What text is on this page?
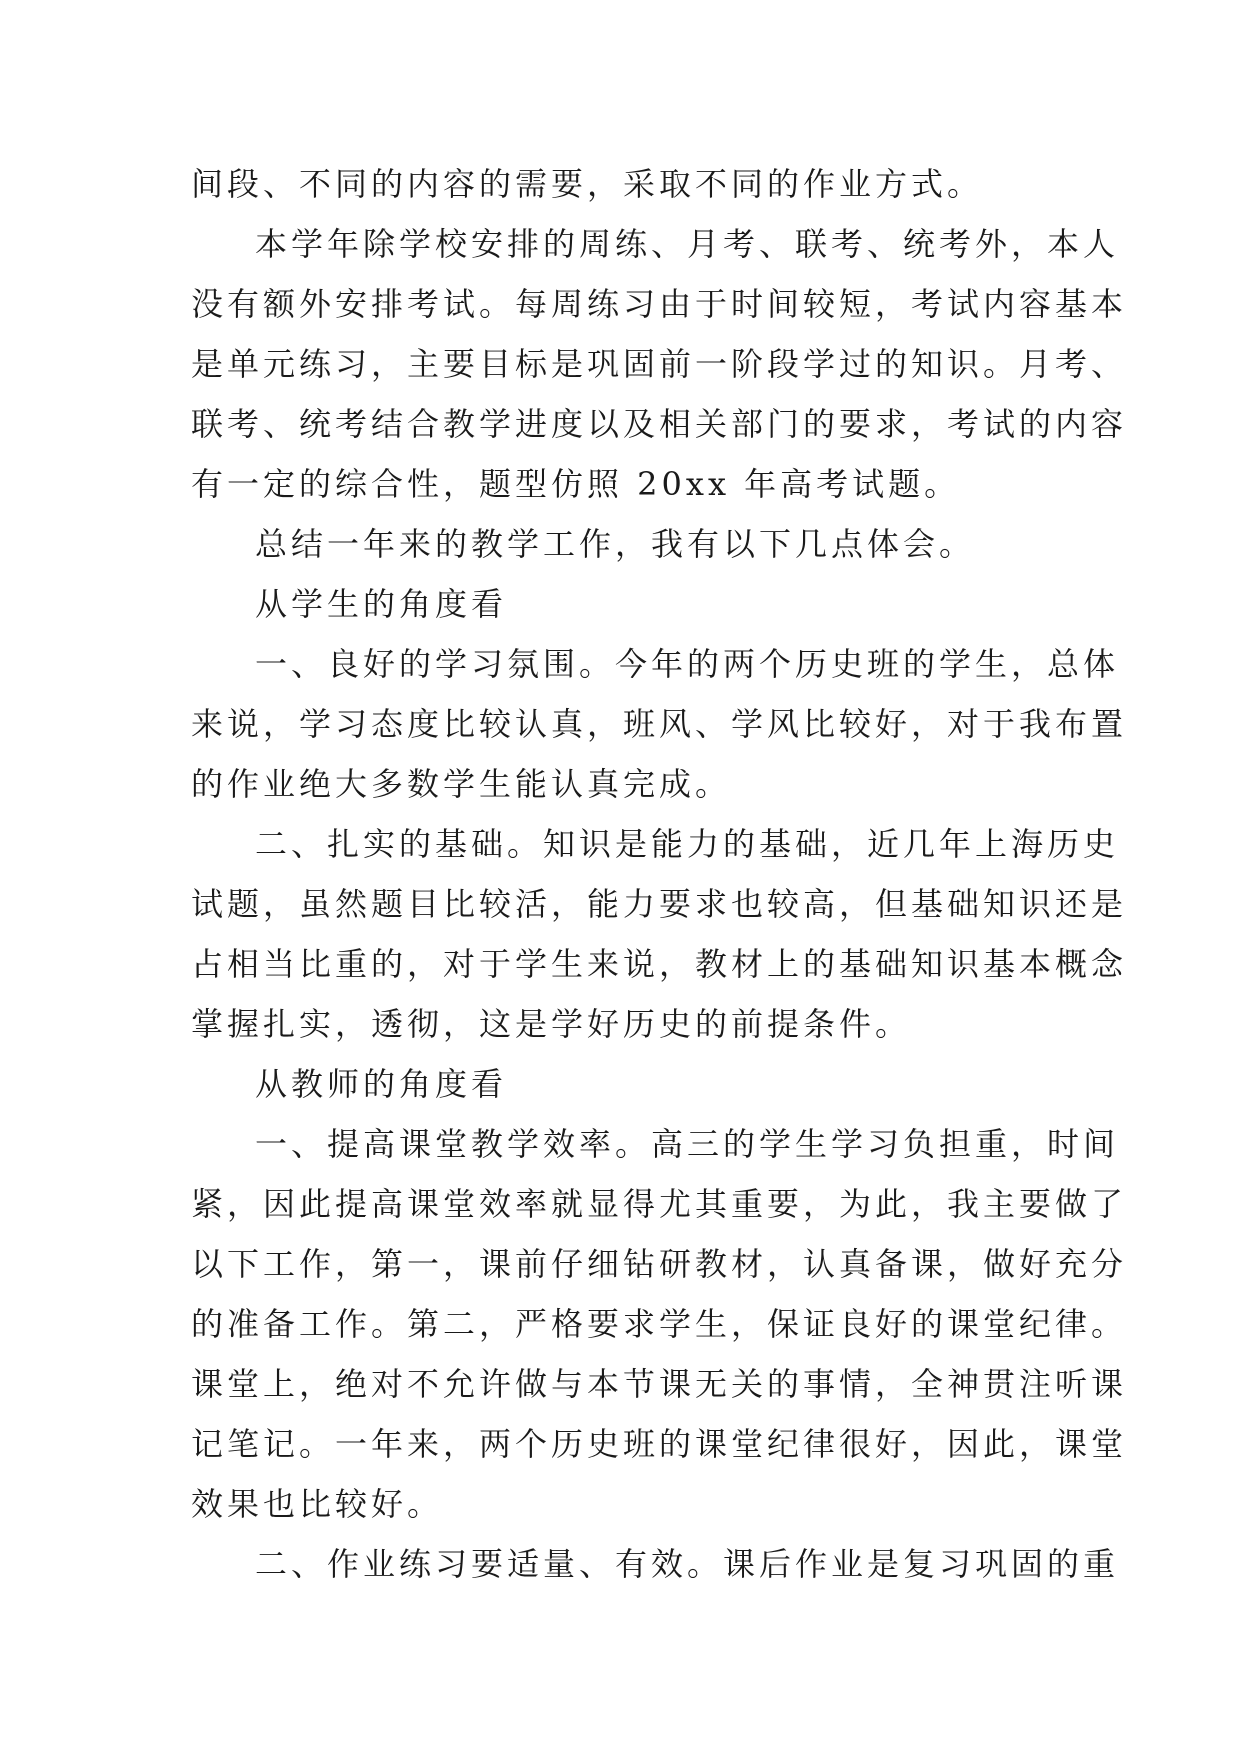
间段、不同的内容的需要，采取不同的作业方式。
本学年除学校安排的周练、月考、联考、统考外，本人
没有额外安排考试。每周练习由于时间较短，考试内容基本
是单元练习，主要目标是巩固前一阶段学过的知识。月考、
联考、统考结合教学进度以及相关部门的要求，考试的内容
有一定的综合性，题型仿照 20xx 年高考试题。
总结一年来的教学工作，我有以下几点体会。
从学生的角度看
一、良好的学习氛围。今年的两个历史班的学生，总体
来说，学习态度比较认真，班风、学风比较好，对于我布置
的作业绝大多数学生能认真完成。
二、扎实的基础。知识是能力的基础，近几年上海历史
试题，虽然题目比较活，能力要求也较高，但基础知识还是
占相当比重的，对于学生来说，教材上的基础知识基本概念
掌握扎实，透彻，这是学好历史的前提条件。
从教师的角度看
一、提高课堂教学效率。高三的学生学习负担重，时间
紧，因此提高课堂效率就显得尤其重要，为此，我主要做了
以下工作，第一，课前仔细钻研教材，认真备课，做好充分
的准备工作。第二，严格要求学生，保证良好的课堂纪律。
课堂上，绝对不允许做与本节课无关的事情，全神贯注听课
记笔记。一年来，两个历史班的课堂纪律很好，因此，课堂
效果也比较好。
二、作业练习要适量、有效。课后作业是复习巩固的重
